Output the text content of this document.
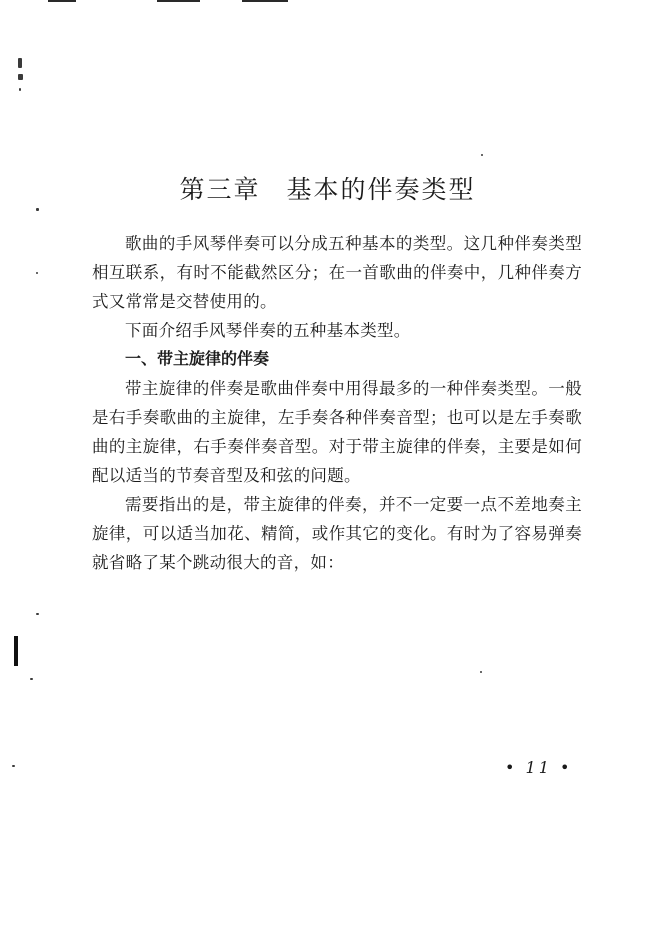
第三章 基本的伴奏类型

歌曲的手风琴伴奏可以分成五种基本的类型。这几种伴奏类型相互联系，有时不能截然区分；在一首歌曲的伴奏中，几种伴奏方式又常常是交替使用的。

下面介绍手风琴伴奏的五种基本类型。

一、带主旋律的伴奏

带主旋律的伴奏是歌曲伴奏中用得最多的一种伴奏类型。一般是右手奏歌曲的主旋律，左手奏各种伴奏音型；也可以是左手奏歌曲的主旋律，右手奏伴奏音型。对于带主旋律的伴奏，主要是如何配以适当的节奏音型及和弦的问题。

需要指出的是，带主旋律的伴奏，并不一定要一点不差地奏主旋律，可以适当加花、精简，或作其它的变化。有时为了容易弹奏就省略了某个跳动很大的音，如：

• 11 •
